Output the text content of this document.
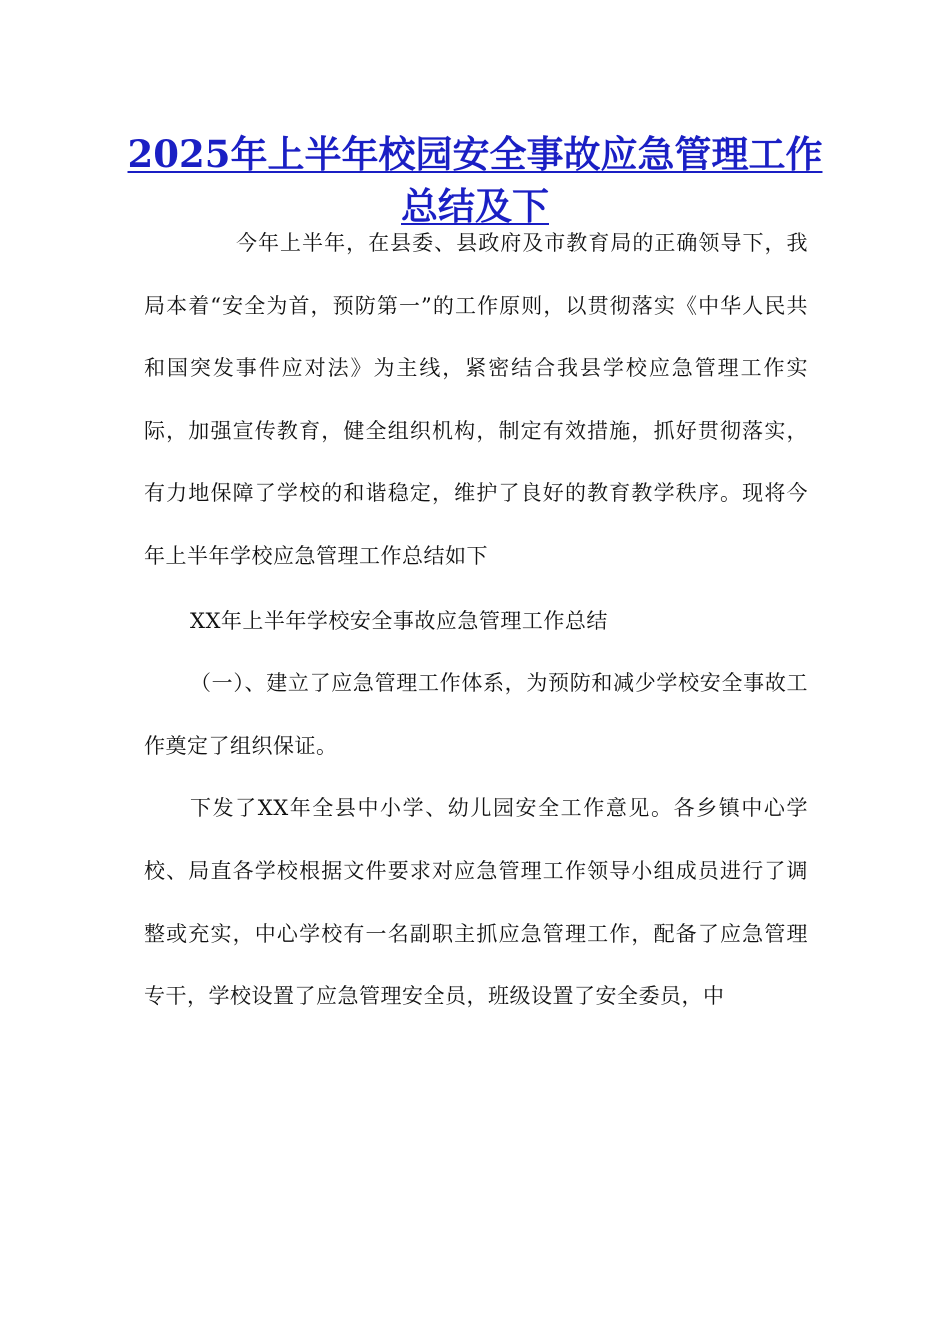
2025年上半年校园安全事故应急管理工作总结及下

今年上半年，在县委、县政府及市教育局的正确领导下，我局本着“安全为首，预防第一”的工作原则，以贯彻落实《中华人民共和国突发事件应对法》为主线，紧密结合我县学校应急管理工作实际，加强宣传教育，健全组织机构，制定有效措施，抓好贯彻落实，有力地保障了学校的和谐稳定，维护了良好的教育教学秩序。现将今年上半年学校应急管理工作总结如下

XX年上半年学校安全事故应急管理工作总结

（一）、建立了应急管理工作体系，为预防和减少学校安全事故工作奠定了组织保证。

下发了XX年全县中小学、幼儿园安全工作意见。各乡镇中心学校、局直各学校根据文件要求对应急管理工作领导小组成员进行了调整或充实，中心学校有一名副职主抓应急管理工作，配备了应急管理专干，学校设置了应急管理安全员，班级设置了安全委员，中
